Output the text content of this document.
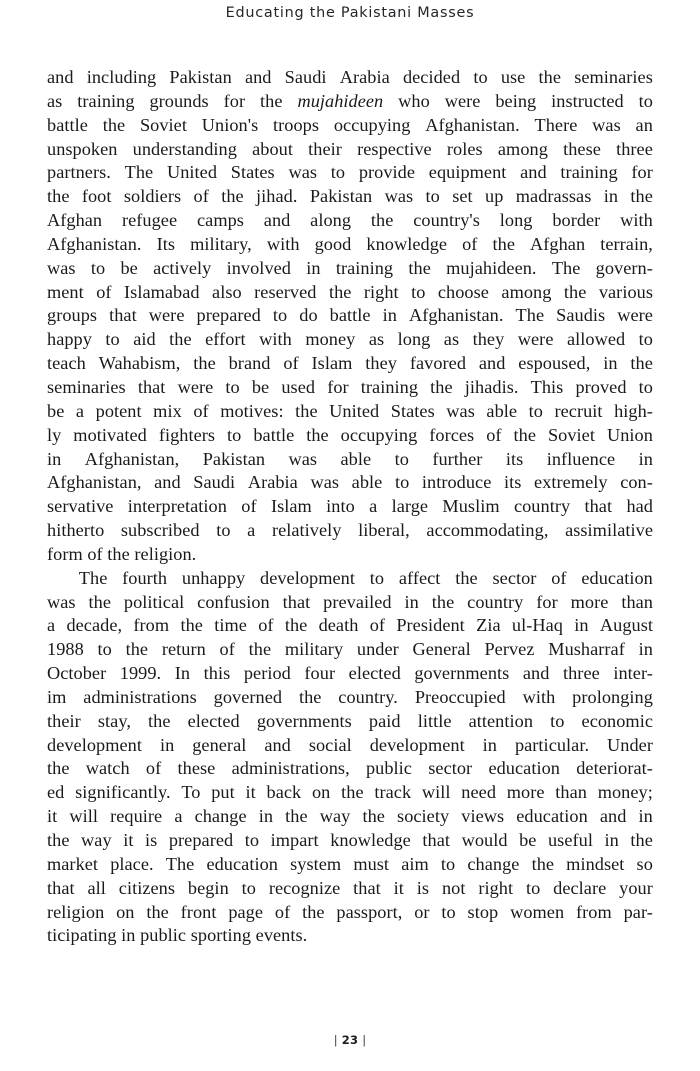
Educating the Pakistani Masses
and including Pakistan and Saudi Arabia decided to use the seminaries
as training grounds for the mujahideen who were being instructed to
battle the Soviet Union's troops occupying Afghanistan. There was an
unspoken understanding about their respective roles among these three
partners. The United States was to provide equipment and training for
the foot soldiers of the jihad. Pakistan was to set up madrassas in the
Afghan refugee camps and along the country's long border with
Afghanistan. Its military, with good knowledge of the Afghan terrain,
was to be actively involved in training the mujahideen. The govern-
ment of Islamabad also reserved the right to choose among the various
groups that were prepared to do battle in Afghanistan. The Saudis were
happy to aid the effort with money as long as they were allowed to
teach Wahabism, the brand of Islam they favored and espoused, in the
seminaries that were to be used for training the jihadis. This proved to
be a potent mix of motives: the United States was able to recruit high-
ly motivated fighters to battle the occupying forces of the Soviet Union
in Afghanistan, Pakistan was able to further its influence in
Afghanistan, and Saudi Arabia was able to introduce its extremely con-
servative interpretation of Islam into a large Muslim country that had
hitherto subscribed to a relatively liberal, accommodating, assimilative
form of the religion.
The fourth unhappy development to affect the sector of education
was the political confusion that prevailed in the country for more than
a decade, from the time of the death of President Zia ul-Haq in August
1988 to the return of the military under General Pervez Musharraf in
October 1999. In this period four elected governments and three inter-
im administrations governed the country. Preoccupied with prolonging
their stay, the elected governments paid little attention to economic
development in general and social development in particular. Under
the watch of these administrations, public sector education deteriorat-
ed significantly. To put it back on the track will need more than money;
it will require a change in the way the society views education and in
the way it is prepared to impart knowledge that would be useful in the
market place. The education system must aim to change the mindset so
that all citizens begin to recognize that it is not right to declare your
religion on the front page of the passport, or to stop women from par-
ticipating in public sporting events.
| 23 |
